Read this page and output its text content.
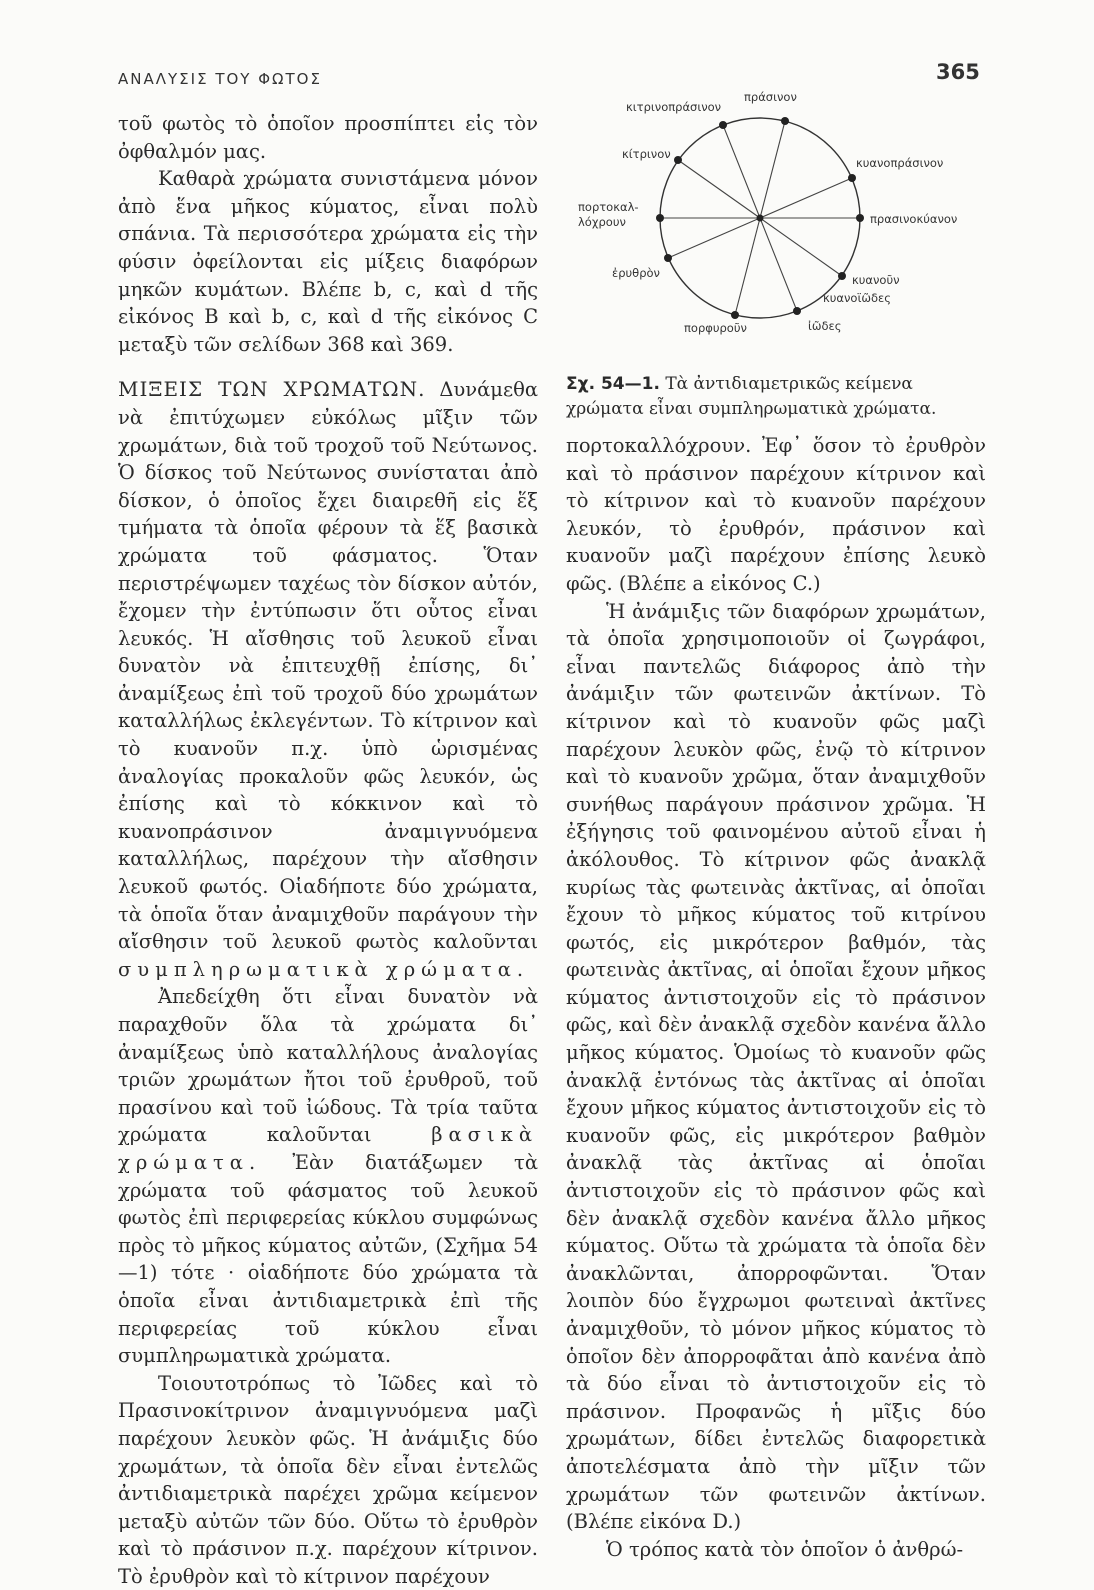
ΑΝΑΛΥΣΙΣ ΤΟΥ ΦΩΤΟΣ	365

τοῦ φωτὸς τὸ ὁποῖον προσπίπτει εἰς τὸν ὀφθαλμόν μας.

Καθαρὰ χρώματα συνιστάμενα μόνον ἀπὸ ἕνα μῆκος κύματος, εἶναι πολὺ σπάνια. Τὰ περισσότερα χρώματα εἰς τὴν φύσιν ὀφείλονται εἰς μίξεις διαφόρων μηκῶν κυμάτων. Βλέπε b, c, καὶ d τῆς εἰκόνος B καὶ b, c, καὶ d τῆς εἰκόνος C μεταξὺ τῶν σελίδων 368 καὶ 369.

ΜΙΞΕΙΣ ΤΩΝ ΧΡΩΜΑΤΩΝ. Δυνάμεθα νὰ ἐπιτύχωμεν εὐκόλως μῖξιν τῶν χρωμάτων, διὰ τοῦ τροχοῦ τοῦ Νεύτωνος. Ὁ δίσκος τοῦ Νεύτωνος συνίσταται ἀπὸ δίσκον, ὁ ὁποῖος ἔχει διαιρεθῆ εἰς ἕξ τμήματα τὰ ὁποῖα φέρουν τὰ ἕξ βασικὰ χρώματα τοῦ φάσματος. Ὅταν περιστρέψωμεν ταχέως τὸν δίσκον αὐτόν, ἔχομεν τὴν ἐντύπωσιν ὅτι οὗτος εἶναι λευκός. Ἡ αἴσθησις τοῦ λευκοῦ εἶναι δυνατὸν νὰ ἐπιτευχθῇ ἐπίσης, δι᾽ ἀναμίξεως ἐπὶ τοῦ τροχοῦ δύο χρωμάτων καταλλήλως ἐκλεγέντων. Τὸ κίτρινον καὶ τὸ κυανοῦν π.χ. ὑπὸ ὡρισμένας ἀναλογίας προκαλοῦν φῶς λευκόν, ὡς ἐπίσης καὶ τὸ κόκκινον καὶ τὸ κυανοπράσινον ἀναμιγνυόμενα καταλλήλως, παρέχουν τὴν αἴσθησιν λευκοῦ φωτός. Οἱαδήποτε δύο χρώματα, τὰ ὁποῖα ὅταν ἀναμιχθοῦν παράγουν τὴν αἴσθησιν τοῦ λευκοῦ φωτὸς καλοῦνται συμπληρωματικὰ χρώματα.

Ἀπεδείχθη ὅτι εἶναι δυνατὸν νὰ παραχθοῦν ὅλα τὰ χρώματα δι᾽ ἀναμίξεως ὑπὸ καταλλήλους ἀναλογίας τριῶν χρωμάτων ἤτοι τοῦ ἐρυθροῦ, τοῦ πρασίνου καὶ τοῦ ἰώδους. Τὰ τρία ταῦτα χρώματα καλοῦνται	βασικὰ χρώματα. Ἐὰν διατάξωμεν τὰ χρώματα τοῦ φάσματος τοῦ λευκοῦ φωτὸς ἐπὶ περιφερείας κύκλου συμφώνως πρὸς τὸ μῆκος κύματος αὐτῶν, (Σχῆμα 54—1) τότε · οἱαδήποτε δύο χρώματα τὰ ὁποῖα εἶναι ἀντιδιαμετρικὰ ἐπὶ τῆς περιφερείας τοῦ κύκλου εἶναι συμπληρωματικὰ χρώματα.

Τοιουτοτρόπως τὸ Ἰῶδες καὶ τὸ Πρασινοκίτρινον ἀναμιγνυόμενα μαζὶ παρέχουν λευκὸν φῶς. Ἡ ἀνάμιξις δύο χρωμάτων, τὰ ὁποῖα δὲν εἶναι ἐντελῶς ἀντιδιαμετρικὰ παρέχει χρῶμα κείμενον μεταξὺ αὐτῶν τῶν δύο. Οὕτω τὸ ἐρυθρὸν καὶ τὸ πράσινον π.χ. παρέχουν κίτρινον. Τὸ ἐρυθρὸν καὶ τὸ κίτρινον παρέχουν

πράσινον
κιτρινοπράσινον
κίτρινον
κυανοπράσινον
πορτοκαλ-
λόχρουν	πρασινοκύανον
ἐρυθρὸν	κυανοῦν
κυανοϊῶδες
πορφυροῦν	ἰῶδες
Σχ. 54—1. Τὰ ἀντιδιαμετρικῶς κείμενα χρώματα εἶναι συμπληρωματικὰ χρώματα.

πορτοκαλλόχρουν. Ἐφ᾽ ὅσον τὸ ἐρυθρὸν καὶ τὸ πράσινον παρέχουν κίτρινον καὶ τὸ κίτρινον καὶ τὸ κυανοῦν παρέχουν λευκόν, τὸ ἐρυθρόν, πράσινον καὶ κυανοῦν μαζὶ παρέχουν ἐπίσης λευκὸ φῶς. (Βλέπε a εἰκόνος C.)

Ἡ ἀνάμιξις τῶν διαφόρων χρωμάτων, τὰ ὁποῖα χρησιμοποιοῦν οἱ ζωγράφοι, εἶναι παντελῶς διάφορος ἀπὸ τὴν ἀνάμιξιν τῶν φωτεινῶν ἀκτίνων. Τὸ κίτρινον καὶ τὸ κυανοῦν φῶς μαζὶ παρέχουν λευκὸν φῶς, ἐνῷ τὸ κίτρινον καὶ τὸ κυανοῦν χρῶμα, ὅταν ἀναμιχθοῦν συνήθως παράγουν πράσινον χρῶμα. Ἡ ἐξήγησις τοῦ φαινομένου αὐτοῦ εἶναι ἡ ἀκόλουθος. Τὸ κίτρινον φῶς ἀνακλᾷ κυρίως τὰς φωτεινὰς ἀκτῖνας, αἱ ὁποῖαι ἔχουν τὸ μῆκος κύματος τοῦ κιτρίνου φωτός, εἰς μικρότερον βαθμόν, τὰς φωτεινὰς ἀκτῖνας, αἱ ὁποῖαι ἔχουν μῆκος κύματος ἀντιστοιχοῦν εἰς τὸ πράσινον φῶς, καὶ δὲν ἀνακλᾷ σχεδὸν κανένα ἄλλο μῆκος κύματος. Ὁμοίως τὸ κυανοῦν φῶς ἀνακλᾷ ἐντόνως τὰς ἀκτῖνας αἱ ὁποῖαι ἔχουν μῆκος κύματος ἀντιστοιχοῦν εἰς τὸ κυανοῦν φῶς, εἰς μικρότερον βαθμὸν ἀνακλᾷ τὰς ἀκτῖνας αἱ ὁποῖαι ἀντιστοιχοῦν εἰς τὸ πράσινον φῶς καὶ δὲν ἀνακλᾷ σχεδὸν κανένα ἄλλο μῆκος κύματος. Οὕτω τὰ χρώματα τὰ ὁποῖα δὲν ἀνακλῶνται, ἀπορροφῶνται. Ὅταν λοιπὸν δύο ἔγχρωμοι φωτειναὶ ἀκτῖνες ἀναμιχθοῦν, τὸ μόνον μῆκος κύματος τὸ ὁποῖον δὲν ἀπορροφᾶται ἀπὸ κανένα ἀπὸ τὰ δύο εἶναι τὸ ἀντιστοιχοῦν εἰς τὸ πράσινον. Προφανῶς ἡ μῖξις δύο χρωμάτων, δίδει ἐντελῶς διαφορετικὰ ἀποτελέσματα ἀπὸ τὴν μῖξιν τῶν χρωμάτων τῶν φωτεινῶν ἀκτίνων. (Βλέπε εἰκόνα D.)

Ὁ τρόπος κατὰ τὸν ὁποῖον ὁ ἀνθρώ-
